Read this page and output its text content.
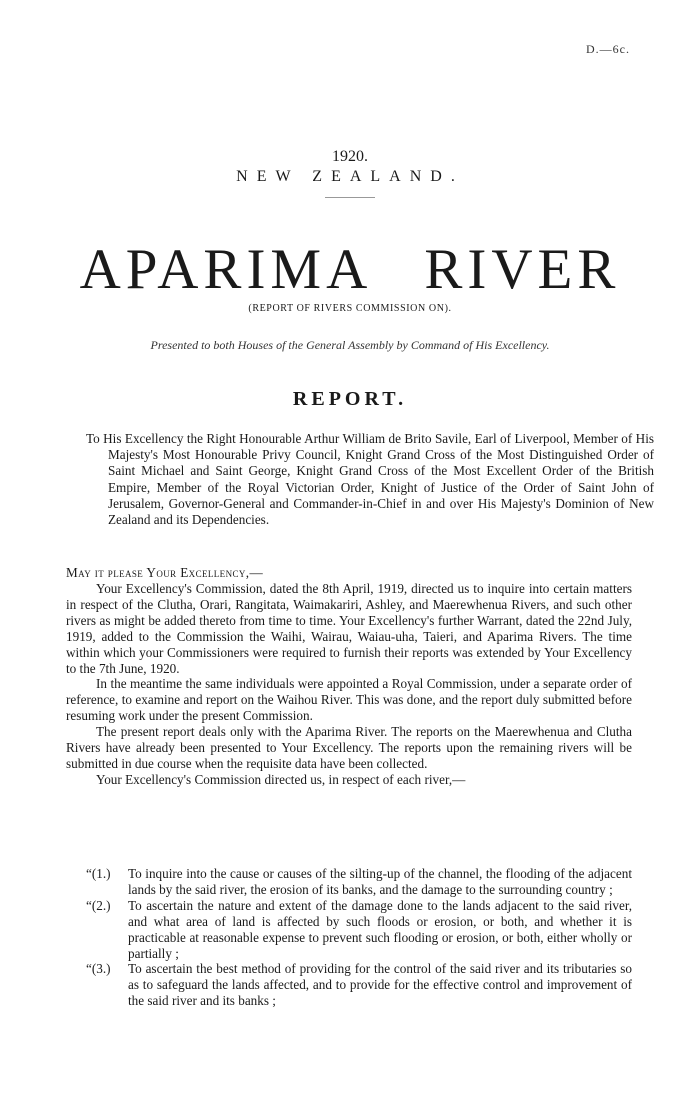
D.—6c.
1920.
NEW ZEALAND.
APARIMA RIVER
(REPORT OF RIVERS COMMISSION ON).
Presented to both Houses of the General Assembly by Command of His Excellency.
REPORT.
To His Excellency the Right Honourable Arthur William de Brito Savile, Earl of Liverpool, Member of His Majesty's Most Honourable Privy Council, Knight Grand Cross of the Most Distinguished Order of Saint Michael and Saint George, Knight Grand Cross of the Most Excellent Order of the British Empire, Member of the Royal Victorian Order, Knight of Justice of the Order of Saint John of Jerusalem, Governor-General and Commander-in-Chief in and over His Majesty's Dominion of New Zealand and its Dependencies.
May it please Your Excellency,—

Your Excellency's Commission, dated the 8th April, 1919, directed us to inquire into certain matters in respect of the Clutha, Orari, Rangitata, Waimakariri, Ashley, and Maerewhenua Rivers, and such other rivers as might be added thereto from time to time. Your Excellency's further Warrant, dated the 22nd July, 1919, added to the Commission the Waihi, Wairau, Waiau-uha, Taieri, and Aparima Rivers. The time within which your Commissioners were required to furnish their reports was extended by Your Excellency to the 7th June, 1920.

In the meantime the same individuals were appointed a Royal Commission, under a separate order of reference, to examine and report on the Waihou River. This was done, and the report duly submitted before resuming work under the present Commission.

The present report deals only with the Aparima River. The reports on the Maerewhenua and Clutha Rivers have already been presented to Your Excellency. The reports upon the remaining rivers will be submitted in due course when the requisite data have been collected.

Your Excellency's Commission directed us, in respect of each river,—

“(1.) To inquire into the cause or causes of the silting-up of the channel, the flooding of the adjacent lands by the said river, the erosion of its banks, and the damage to the surrounding country ;
“(2.) To ascertain the nature and extent of the damage done to the lands adjacent to the said river, and what area of land is affected by such floods or erosion, or both, and whether it is practicable at reasonable expense to prevent such flooding or erosion, or both, either wholly or partially ;
“(3.) To ascertain the best method of providing for the control of the said river and its tributaries so as to safeguard the lands affected, and to provide for the effective control and improvement of the said river and its banks ;
